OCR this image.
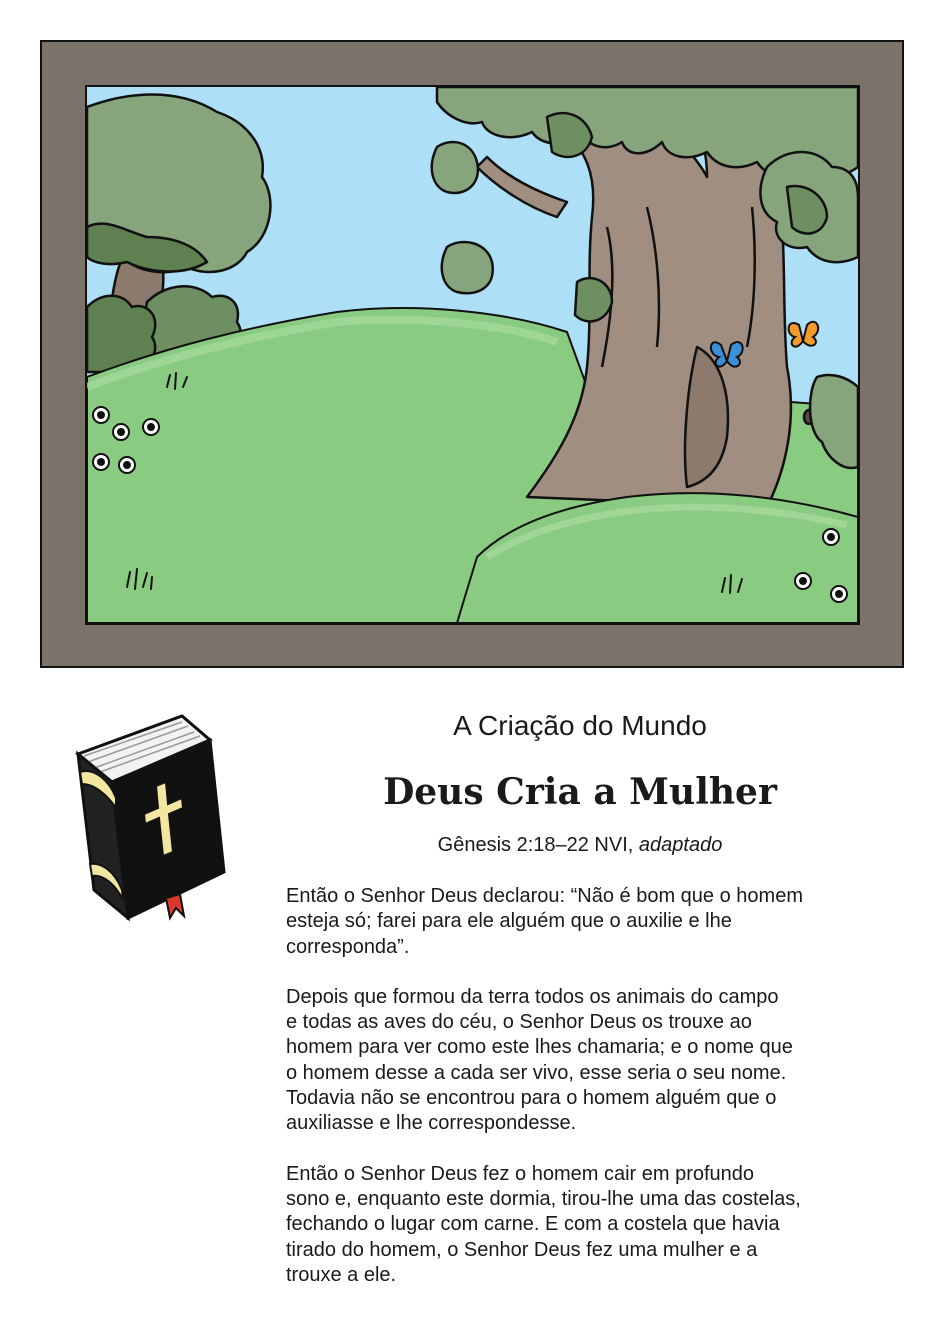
A Criação do Mundo
Deus Cria a Mulher
Gênesis 2:18–22 NVI, adaptado

Então o Senhor Deus declarou: “Não é bom que o homem
esteja só; farei para ele alguém que o auxilie e lhe
corresponda”.

Depois que formou da terra todos os animais do campo
e todas as aves do céu, o Senhor Deus os trouxe ao
homem para ver como este lhes chamaria; e o nome que
o homem desse a cada ser vivo, esse seria o seu nome.
Todavia não se encontrou para o homem alguém que o
auxiliasse e lhe correspondesse.

Então o Senhor Deus fez o homem cair em profundo
sono e, enquanto este dormia, tirou-lhe uma das costelas,
fechando o lugar com carne. E com a costela que havia
tirado do homem, o Senhor Deus fez uma mulher e a
trouxe a ele.
